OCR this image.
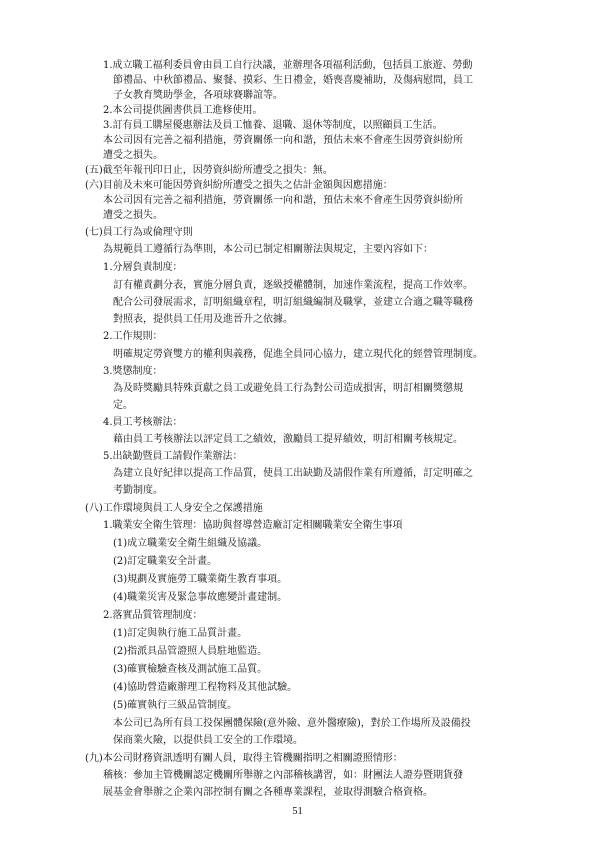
1.成立職工福利委員會由員工自行決議，並辦理各項福利活動，包括員工旅遊、勞動
節禮品、中秋節禮品、聚餐、摸彩、生日禮金，婚喪喜慶補助，及傷病慰問，員工
子女教育獎助學金，各項球賽聯誼等。
2.本公司提供圖書供員工進修使用。
3.訂有員工購屋優惠辦法及員工恤養、退職、退休等制度，以照顧員工生活。
本公司因有完善之福利措施，勞資關係一向和諧，預估未來不會產生因勞資糾紛所
遭受之損失。
(五)截至年報刊印日止，因勞資糾紛所遭受之損失：無。
(六)目前及未來可能因勞資糾紛所遭受之損失之估計金額與因應措施：
本公司因有完善之福利措施，勞資關係一向和諧，預估未來不會產生因勞資糾紛所
遭受之損失。
(七)員工行為或倫理守則
為規範員工遵循行為準則，本公司已制定相關辦法與規定，主要內容如下：
1.分層負責制度：
訂有權責劃分表，實施分層負責，逐級授權體制，加速作業流程，提高工作效率。
配合公司發展需求，訂明組織章程，明訂組織編制及職掌，並建立合適之職等職務
對照表，提供員工任用及進晉升之依據。
2.工作規則：
明確規定勞資雙方的權利與義務，促進全員同心協力，建立現代化的經營管理制度。
3.獎懲制度：
為及時獎勵具特殊貢獻之員工或避免員工行為對公司造成損害，明訂相關獎懲規
定。
4.員工考核辦法：
藉由員工考核辦法以評定員工之績效，激勵員工提昇績效，明訂相關考核規定。
5.出缺勤暨員工請假作業辦法：
為建立良好紀律以提高工作品質，使員工出缺勤及請假作業有所遵循，訂定明確之
考勤制度。
(八)工作環境與員工人身安全之保護措施
1.職業安全衛生管理：協助與督導營造廠訂定相關職業安全衛生事項
(1)成立職業安全衛生組織及協議。
(2)訂定職業安全計畫。
(3)規劃及實施勞工職業衛生教育事項。
(4)職業災害及緊急事故應變計畫建制。
2.落實品質管理制度：
(1)訂定與執行施工品質計畫。
(2)指派具品管證照人員駐地監造。
(3)確實檢驗查核及測試施工品質。
(4)協助營造廠辦理工程物料及其他試驗。
(5)確實執行三級品管制度。
本公司已為所有員工投保團體保險(意外險、意外醫療險)，對於工作場所及設備投
保商業火險，以提供員工安全的工作環境。
(九)本公司財務資訊透明有關人員，取得主管機關指明之相關證照情形：
稽核：參加主管機關認定機關所舉辦之內部稽核講習，如：財團法人證券暨期貨發
展基金會舉辦之企業內部控制有關之各種專業課程，並取得測驗合格資格。
51
